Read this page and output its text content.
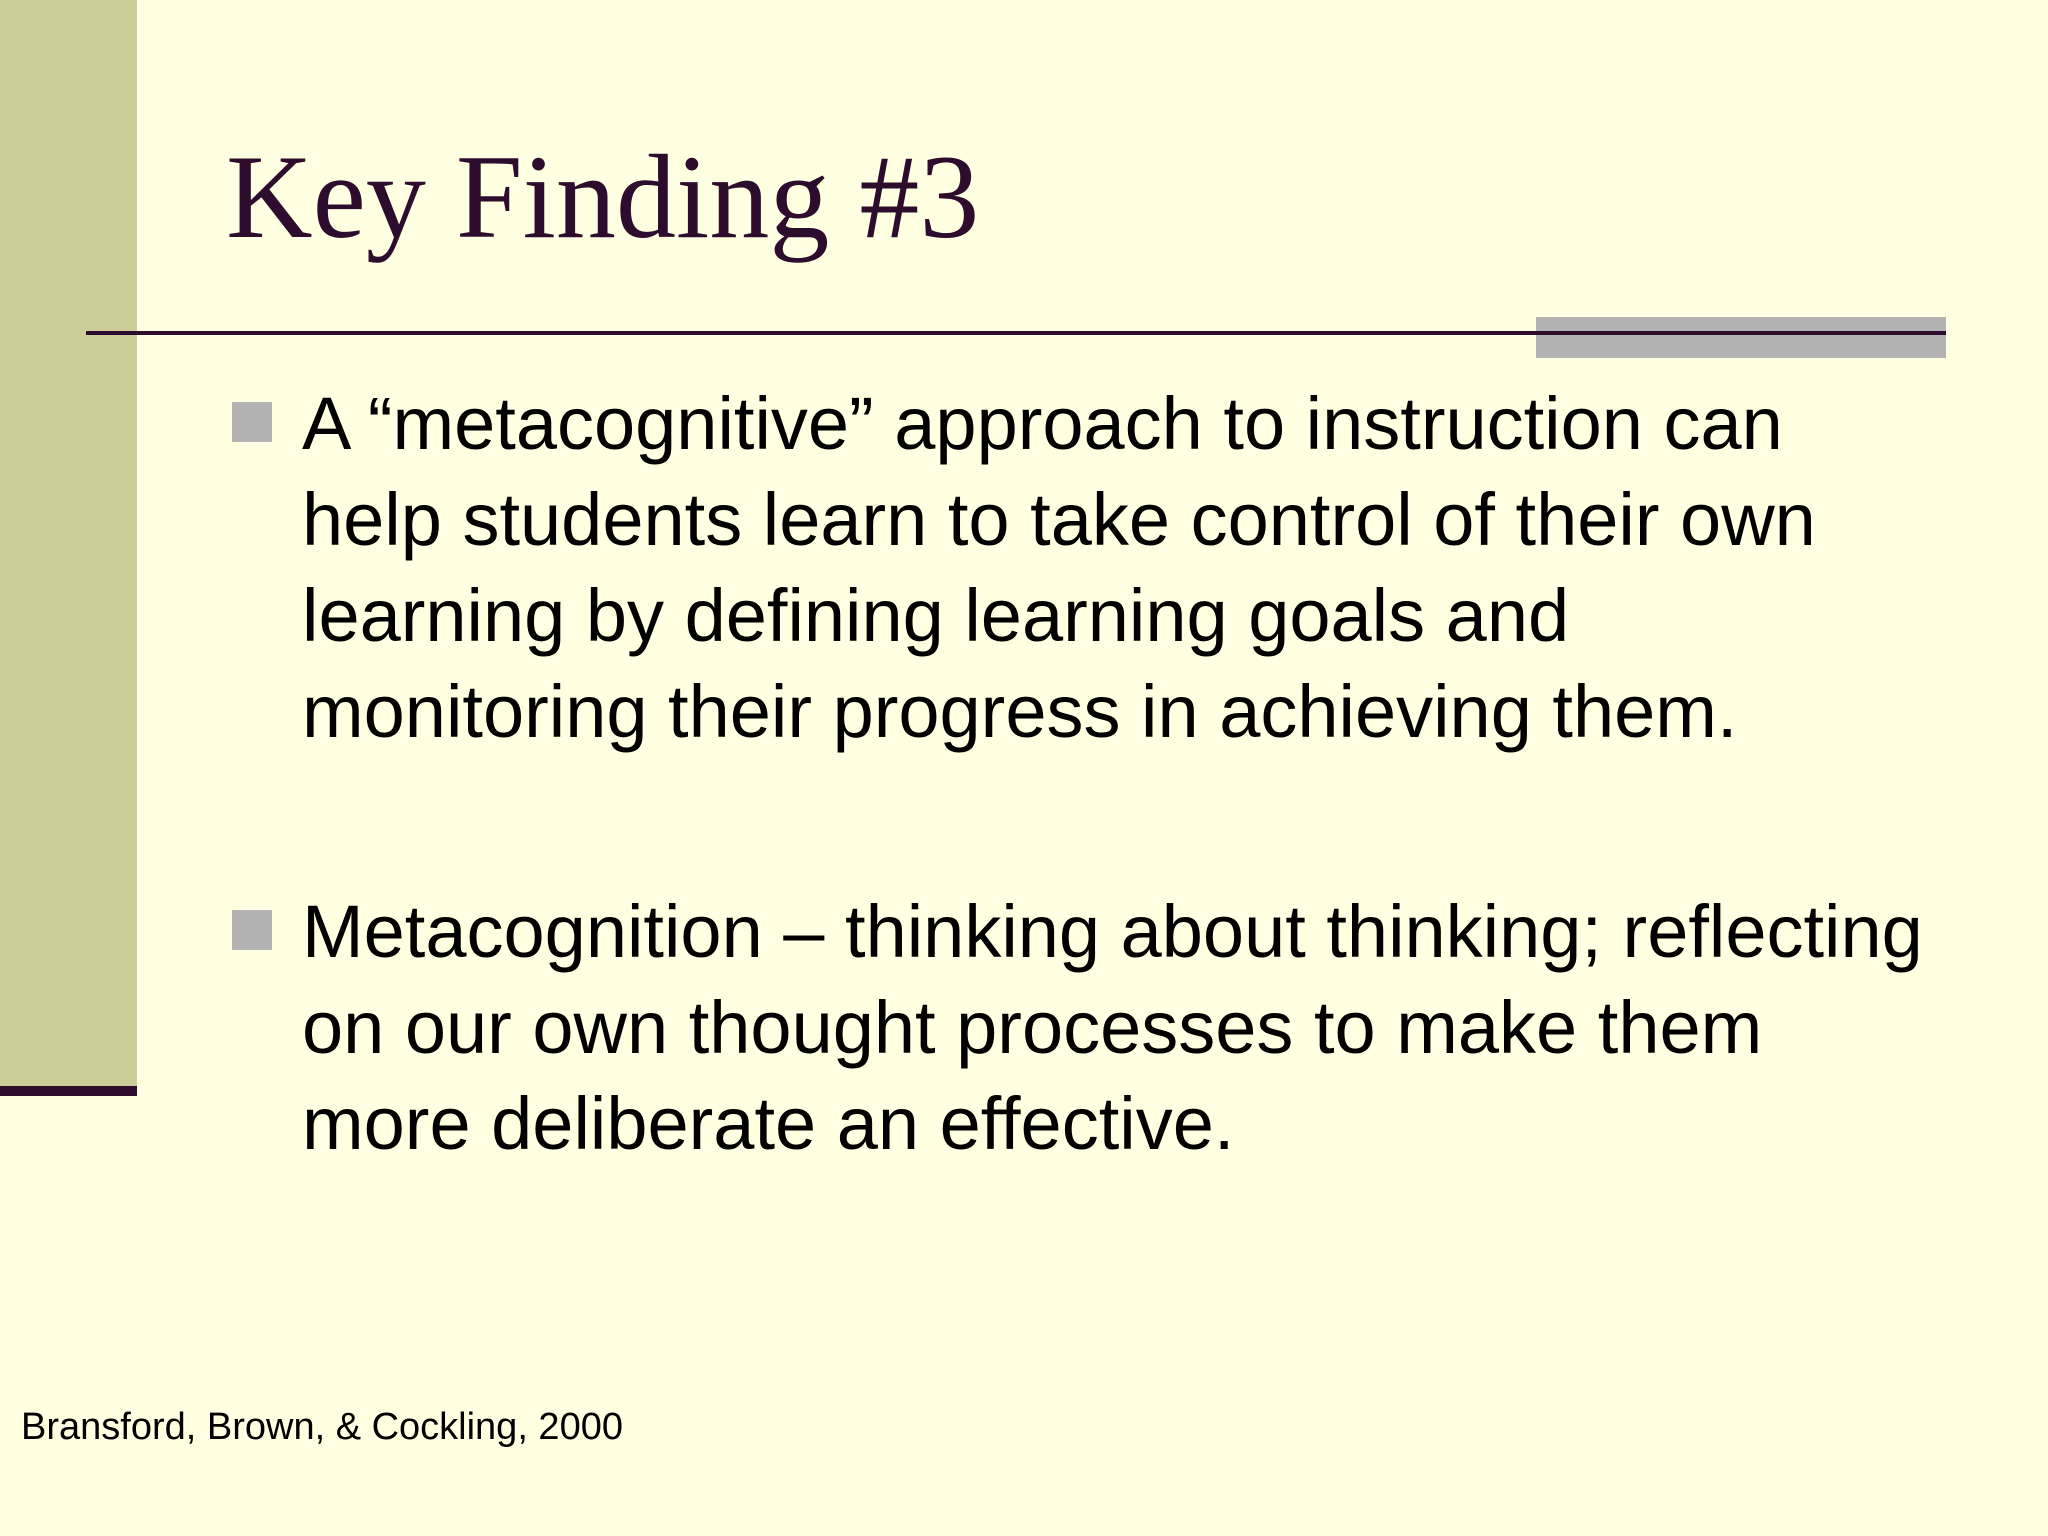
Key Finding #3
A “metacognitive” approach to instruction can help students learn to take control of their own learning by defining learning goals and monitoring their progress in achieving them.
Metacognition – thinking about thinking; reflecting on our own thought processes to make them more deliberate an effective.
Bransford, Brown, & Cockling, 2000
